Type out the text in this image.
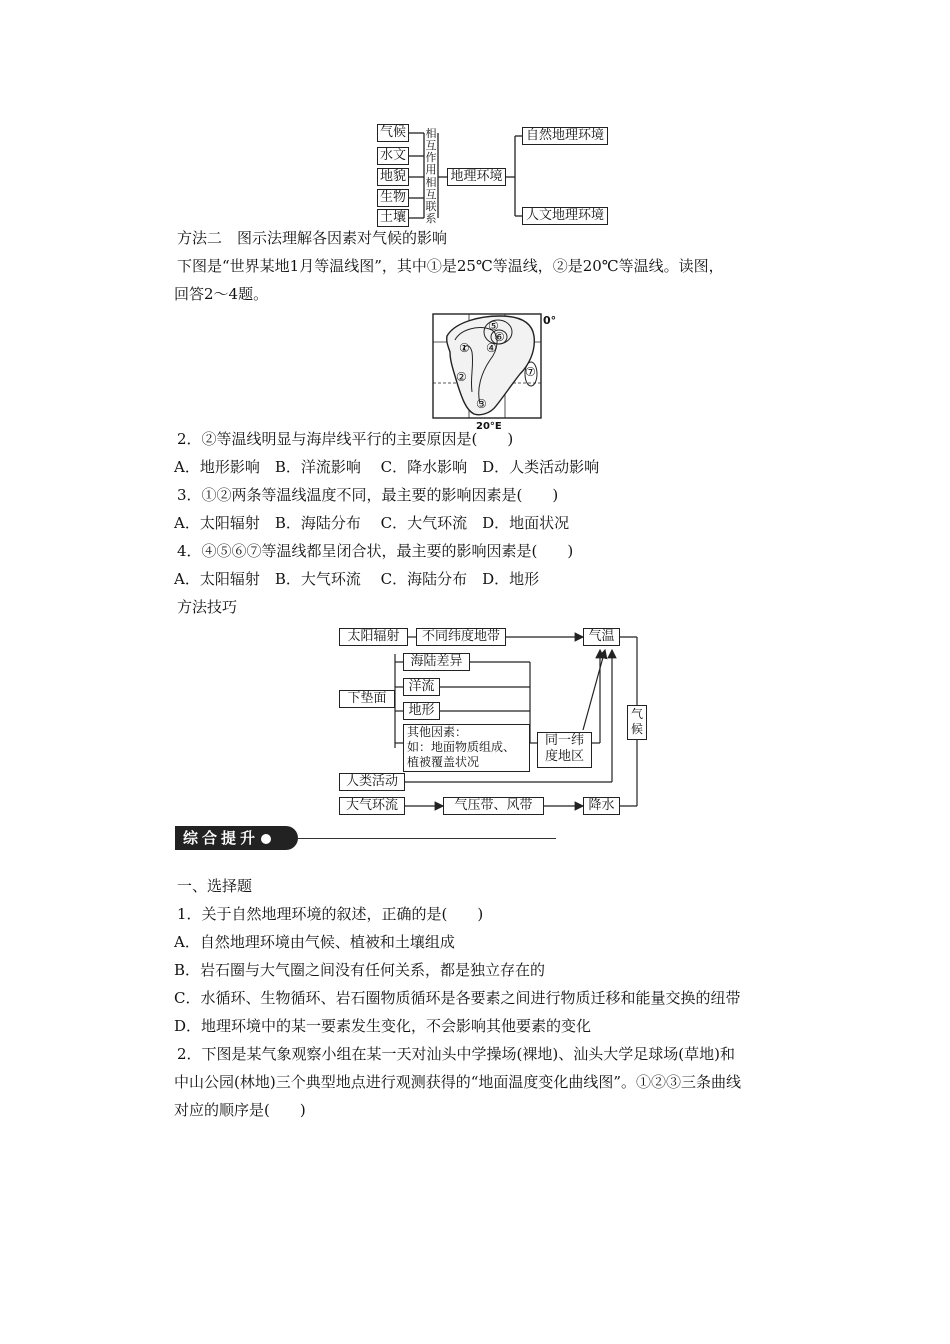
气候
水文
地貌
生物
土壤
相
互
作
用
相
互
联
系
地理环境
自然地理环境
人文地理环境
方法二　图示法理解各因素对气候的影响
下图是“世界某地1月等温线图”，其中①是25℃等温线，②是20℃等温线。读图，
回答2～4题。
①
②
③
④
⑤
⑥
⑦
0°
20°E
2．②等温线明显与海岸线平行的主要原因是(　　)
A．地形影响　B．洋流影响　 C．降水影响　D．人类活动影响
3．①②两条等温线温度不同，最主要的影响因素是(　　)
A．太阳辐射　B．海陆分布　 C．大气环流　D．地面状况
4．④⑤⑥⑦等温线都呈闭合状，最主要的影响因素是(　　)
A．太阳辐射　B．大气环流　 C．海陆分布　D．地形
方法技巧
太阳辐射	不同纬度地带	气温
下垫面
海陆差异
洋流
地形
其他因素：
如：地面物质组成、
植被覆盖状况
同一纬
度地区
气候
人类活动
大气环流	气压带、风带	降水
综合提升
一、选择题
1．关于自然地理环境的叙述，正确的是(　　)
A．自然地理环境由气候、植被和土壤组成
B．岩石圈与大气圈之间没有任何关系，都是独立存在的
C．水循环、生物循环、岩石圈物质循环是各要素之间进行物质迁移和能量交换的纽带
D．地理环境中的某一要素发生变化，不会影响其他要素的变化
2．下图是某气象观察小组在某一天对汕头中学操场(裸地)、汕头大学足球场(草地)和
中山公园(林地)三个典型地点进行观测获得的“地面温度变化曲线图”。①②③三条曲线
对应的顺序是(　　)
